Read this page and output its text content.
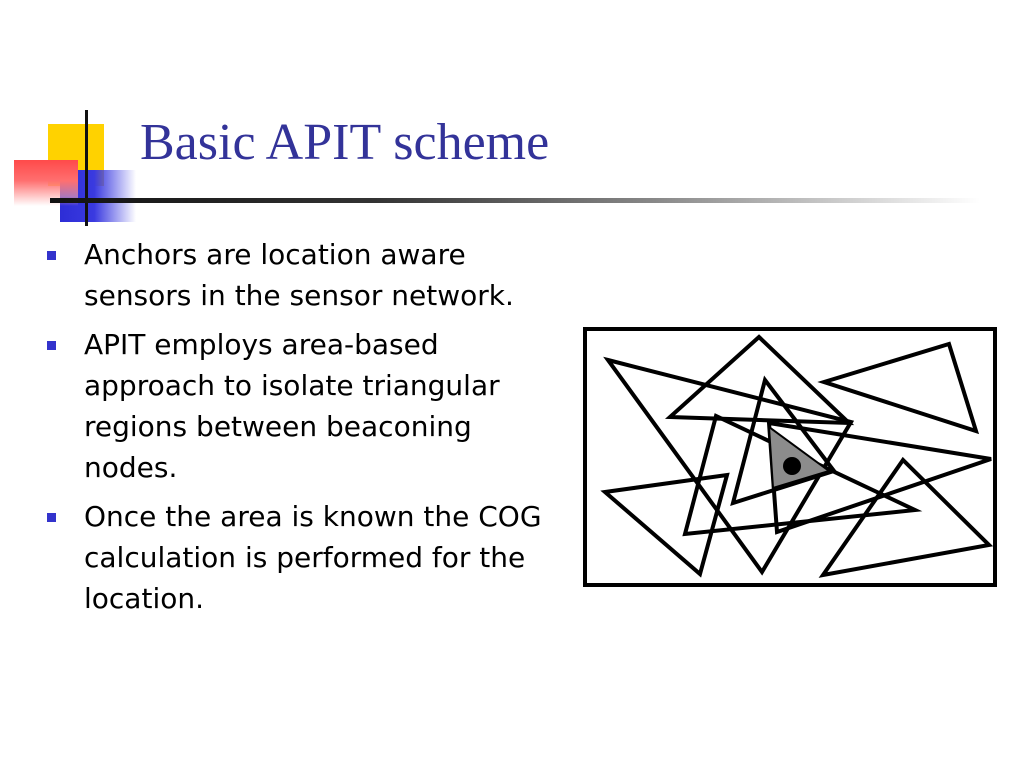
Basic APIT scheme
Anchors are location aware sensors in the sensor network.
APIT employs area-based approach to isolate triangular regions between beaconing nodes.
Once the area is known the COG calculation is performed for the location.
